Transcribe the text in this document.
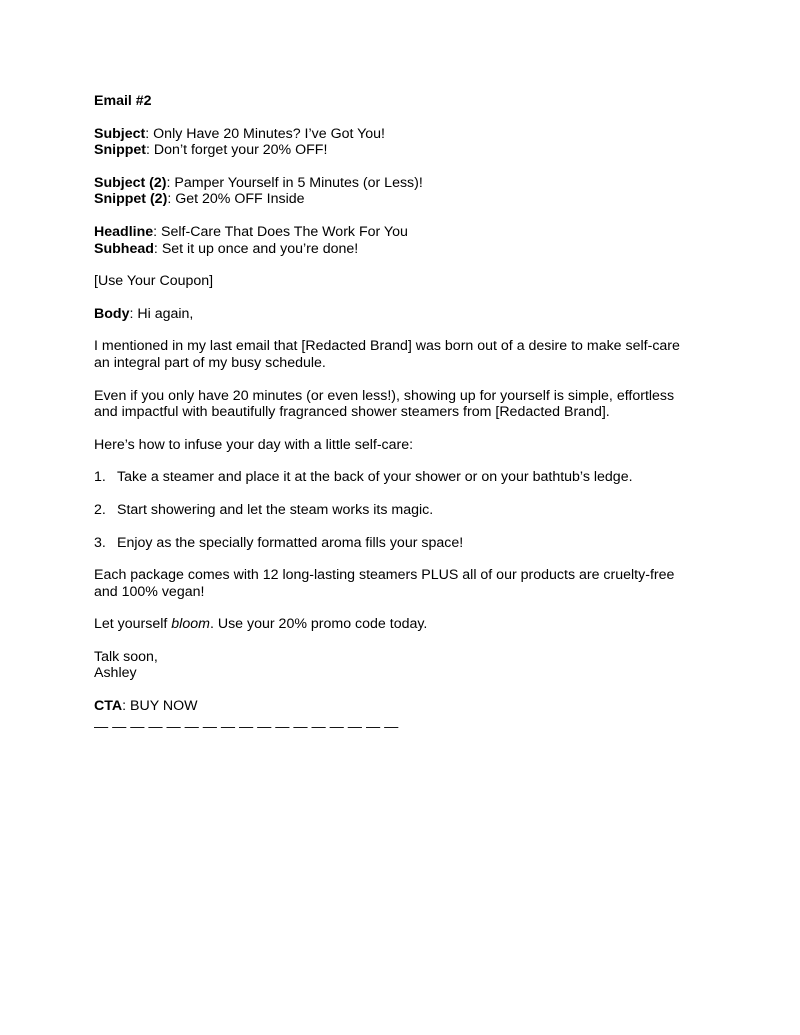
Email #2
Subject: Only Have 20 Minutes? I’ve Got You!
Snippet: Don’t forget your 20% OFF!
Subject (2): Pamper Yourself in 5 Minutes (or Less)!
Snippet (2): Get 20% OFF Inside
Headline: Self-Care That Does The Work For You
Subhead: Set it up once and you’re done!
[Use Your Coupon]
Body: Hi again,
I mentioned in my last email that [Redacted Brand] was born out of a desire to make self-care
an integral part of my busy schedule.
Even if you only have 20 minutes (or even less!), showing up for yourself is simple, effortless
and impactful with beautifully fragranced shower steamers from [Redacted Brand].
Here’s how to infuse your day with a little self-care:
1. Take a steamer and place it at the back of your shower or on your bathtub’s ledge.
2. Start showering and let the steam works its magic.
3. Enjoy as the specially formatted aroma fills your space!
Each package comes with 12 long-lasting steamers PLUS all of our products are cruelty-free
and 100% vegan!
Let yourself bloom. Use your 20% promo code today.
Talk soon,
Ashley
CTA: BUY NOW
— — — — — — — — — — — — — — — — —
